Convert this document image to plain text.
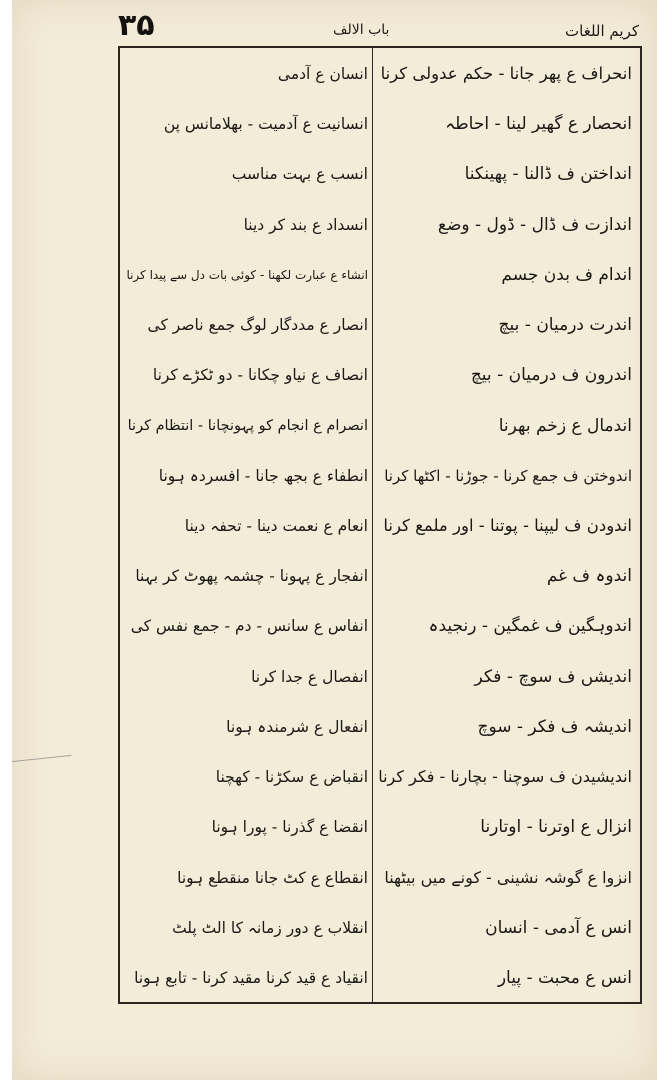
کریم اللغات
باب الالف
۳۵
انحراف ع پھر جانا - حکم عدولی کرنا
انحصار ع گھیر لینا - احاطہ
انداختن ف ڈالنا - پھینکنا
اندازت ف ڈال - ڈول - وضع
اندام ف بدن جسم
اندرت درمیان - بیچ
اندرون ف درمیان - بیچ
اندمال ع زخم بھرنا
اندوختن ف جمع کرنا - جوڑنا - اکٹھا کرنا
اندودن ف لیپنا - پوتنا - اور ملمع کرنا
اندوہ ف غم
اندوہگین ف غمگین - رنجیدہ
اندیشں ف سوچ - فکر
اندیشہ ف فکر - سوچ
اندیشیدن ف سوچنا - بچارنا - فکر کرنا
انزال ع اوترنا - اوتارنا
انزوا ع گوشہ نشینی - کونے میں بیٹھنا
انس ع آدمی - انسان
انس ع محبت - پیار
انسان ع آدمی
انسانیت ع آدمیت - بھلامانس پن
انسب ع بہت مناسب
انسداد ع بند کر دینا
انشاء ع عبارت لکھنا - کوئی بات دل سے پیدا کرنا
انصار ع مددگار لوگ جمع ناصر کی
انصاف ع نیاو چکانا - دو ٹکڑے کرنا
انصرام ع انجام کو پہونچانا - انتظام کرنا
انطفاء ع بجھ جانا - افسردہ ہونا
انعام ع نعمت دینا - تحفہ دینا
انفجار ع پہونا - چشمہ پھوٹ کر بہنا
انفاس ع سانس - دم - جمع نفس کی
انفصال ع جدا کرنا
انفعال ع شرمندہ ہونا
انقباض ع سکڑنا - کھچنا
انقضا ع گذرنا - پورا ہونا
انقطاع ع کٹ جانا منقطع ہونا
انقلاب ع دور زمانہ کا الٹ پلٹ
انقیاد ع قید کرنا مقید کرنا - تابع ہونا
